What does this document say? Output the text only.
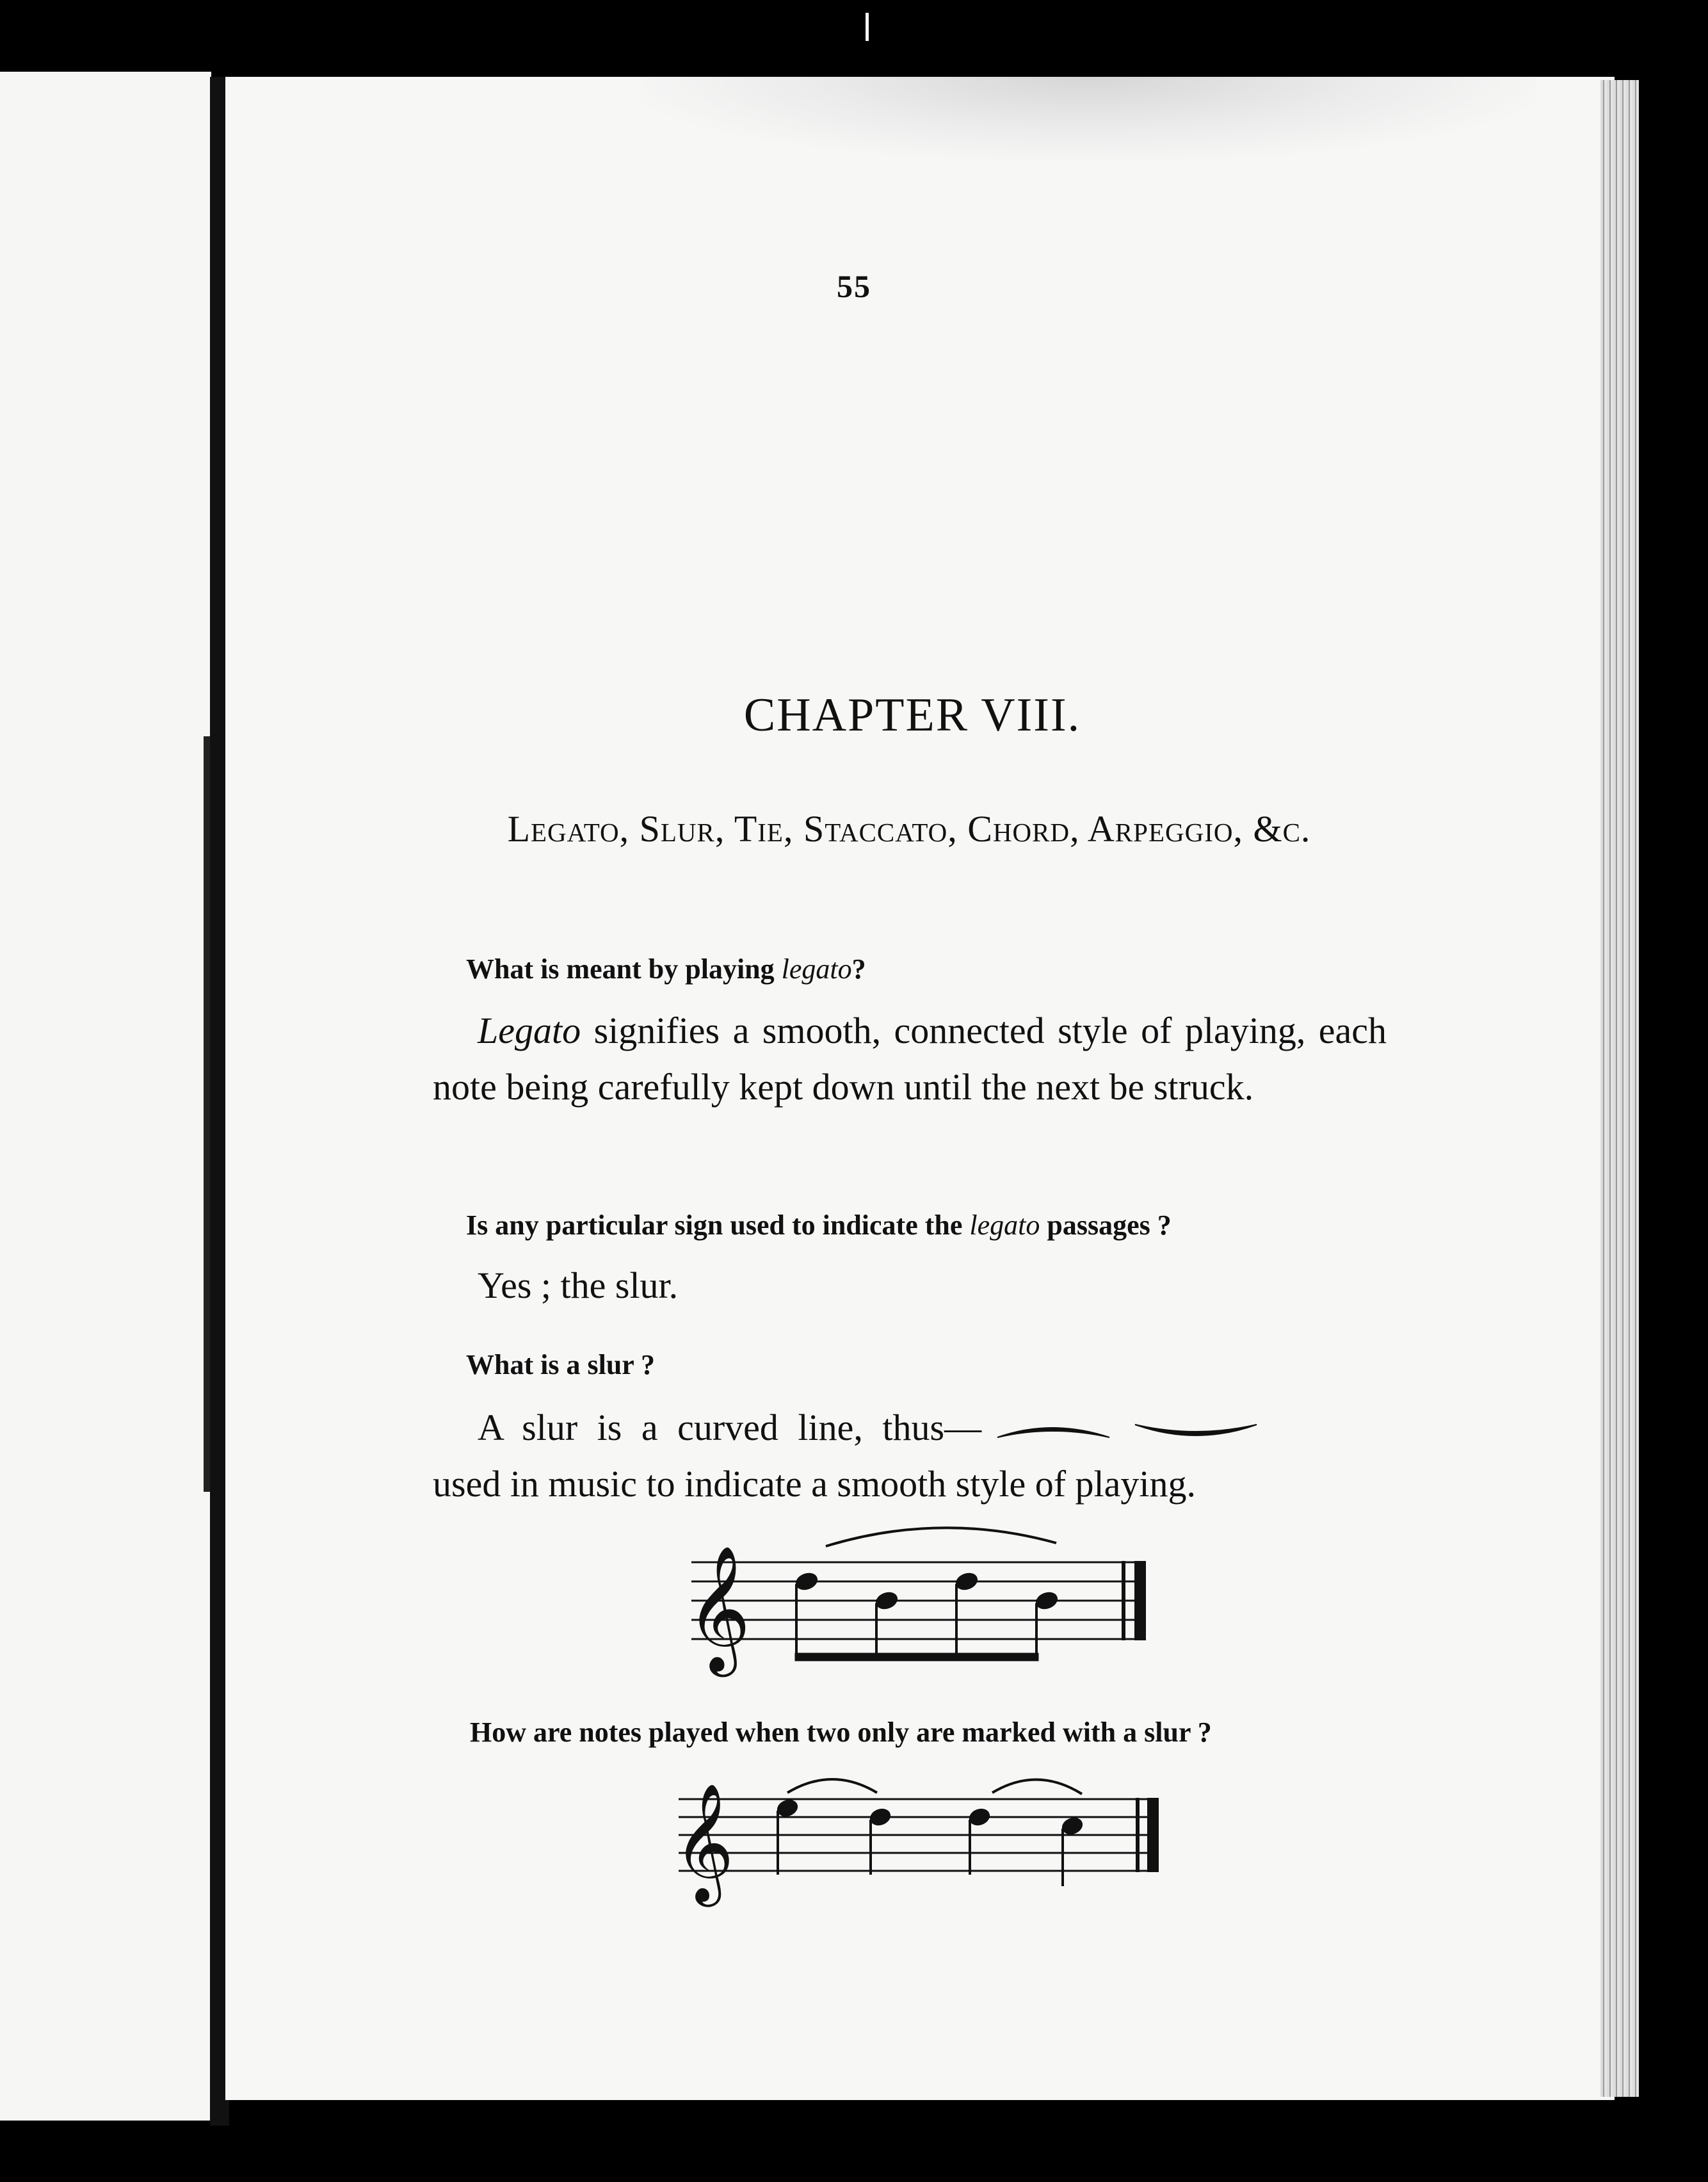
55
CHAPTER VIII.
Legato, Slur, Tie, Staccato, Chord, Arpeggio, &c.
What is meant by playing legato?
Legato signifies a smooth, connected style of playing, each note being carefully kept down until the next be struck.
Is any particular sign used to indicate the legato passages ?
Yes ; the slur.
What is a slur ?
A slur is a curved line, thus—
used in music to indicate a smooth style of playing.
𝄞
How are notes played when two only are marked with a slur ?
𝄞
